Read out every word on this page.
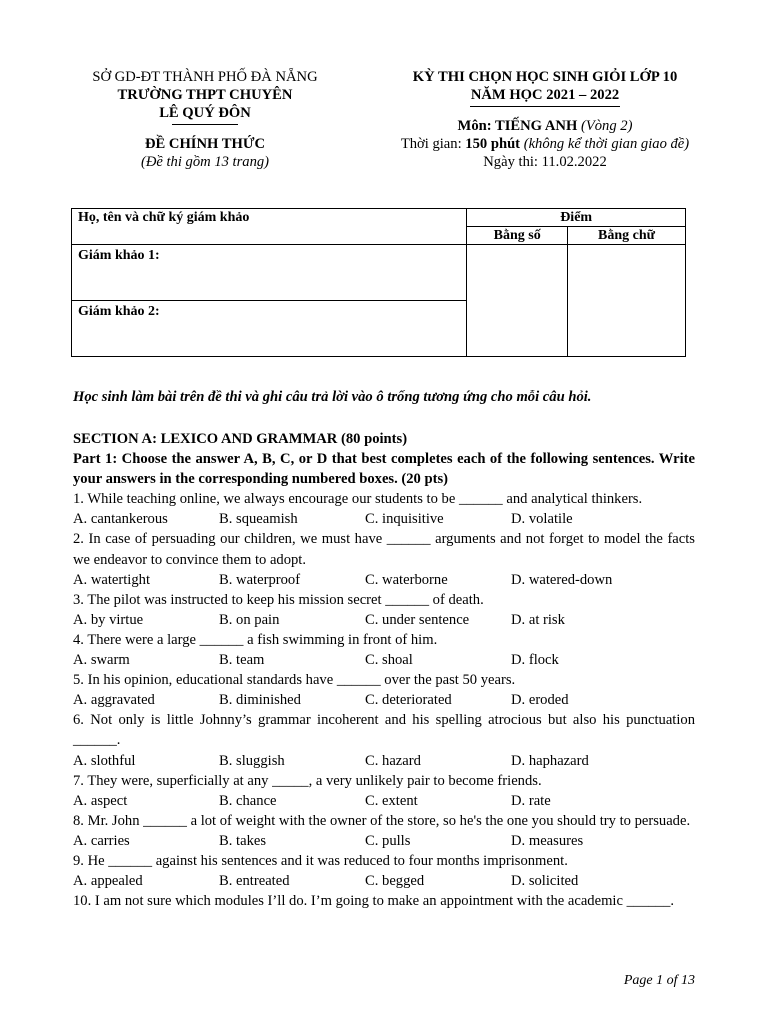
SỞ GD-ĐT THÀNH PHỐ ĐÀ NẴNG
TRƯỜNG THPT CHUYÊN
LÊ QUÝ ĐÔN
ĐỀ CHÍNH THỨC
(Đề thi gồm 13 trang)
KỲ THI CHỌN HỌC SINH GIỎI LỚP 10
NĂM HỌC 2021 – 2022
Môn: TIẾNG ANH (Vòng 2)
Thời gian: 150 phút (không kể thời gian giao đề)
Ngày thi: 11.02.2022
Họ, tên và chữ ký giám khảo	Điểm	
	Bằng số	Bằng chữ
Giám khảo 1:		
Giám khảo 2:		
Học sinh làm bài trên đề thi và ghi câu trả lời vào ô trống tương ứng cho mỗi câu hỏi.
SECTION A: LEXICO AND GRAMMAR (80 points)
Part 1: Choose the answer A, B, C, or D that best completes each of the following sentences. Write your answers in the corresponding numbered boxes. (20 pts)
1. While teaching online, we always encourage our students to be ______ and analytical thinkers.
A. cantankerous	B. squeamish	C. inquisitive	D. volatile
2. In case of persuading our children, we must have ______ arguments and not forget to model the facts we endeavor to convince them to adopt.
A. watertight	B. waterproof	C. waterborne	D. watered-down
3. The pilot was instructed to keep his mission secret ______ of death.
A. by virtue	B. on pain	C. under sentence	D. at risk
4. There were a large ______ a fish swimming in front of him.
A. swarm	B. team	C. shoal	D. flock
5. In his opinion, educational standards have ______ over the past 50 years.
A. aggravated	B. diminished	C. deteriorated	D. eroded
6. Not only is little Johnny’s grammar incoherent and his spelling atrocious but also his punctuation ______.
A. slothful	B. sluggish	C. hazard	D. haphazard
7. They were, superficially at any _____, a very unlikely pair to become friends.
A. aspect	B. chance	C. extent	D. rate
8. Mr. John ______ a lot of weight with the owner of the store, so he's the one you should try to persuade.
A. carries	B. takes	C. pulls	D. measures
9. He ______ against his sentences and it was reduced to four months imprisonment.
A. appealed	B. entreated	C. begged	D. solicited
10. I am not sure which modules I’ll do. I’m going to make an appointment with the academic ______.
Page 1 of 13
